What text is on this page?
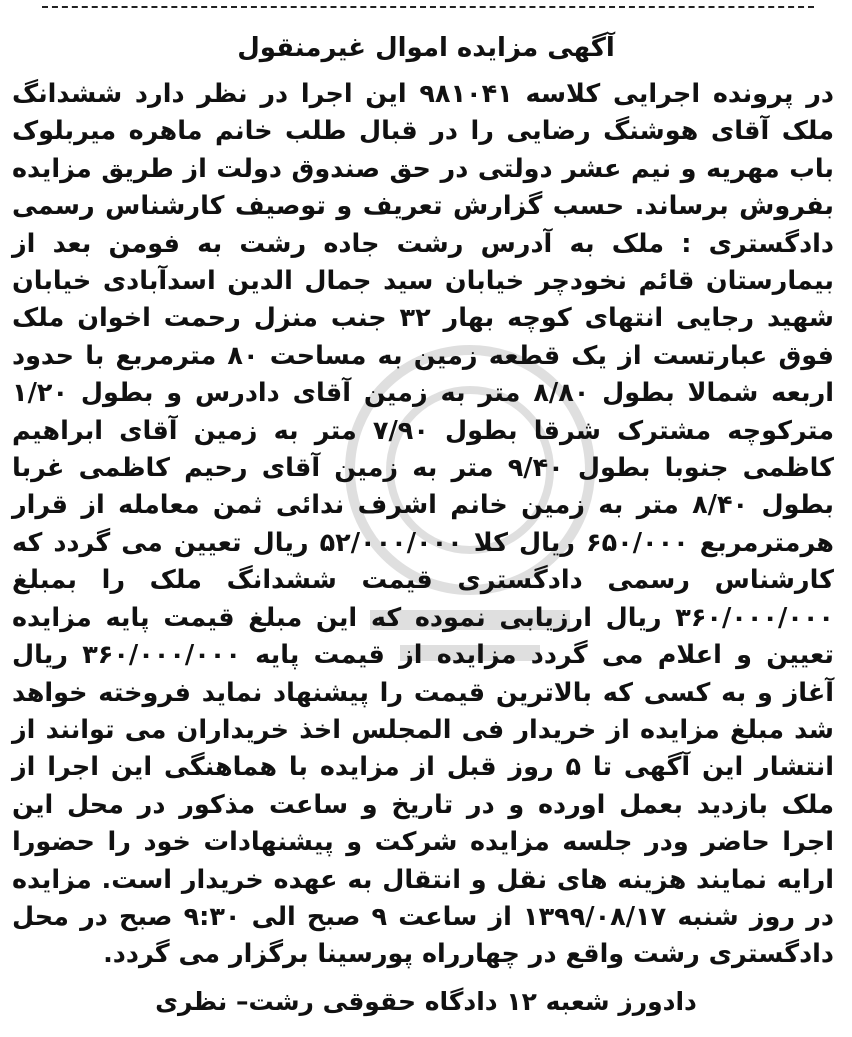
آگهی مزایده اموال غیرمنقول

در پرونده اجرایی کلاسه ۹۸۱۰۴۱ این اجرا در نظر دارد ششدانگ ملک آقای هوشنگ رضایی را در قبال طلب خانم ماهره میربلوک باب مهریه و نیم عشر دولتی در حق صندوق دولت از طریق مزایده بفروش برساند. حسب گزارش تعریف و توصیف کارشناس رسمی دادگستری : ملک به آدرس رشت جاده رشت به فومن بعد از بیمارستان قائم نخودچر خیابان سید جمال الدین اسدآبادی خیابان شهید رجایی انتهای کوچه بهار ۳۲ جنب منزل رحمت اخوان ملک فوق عبارتست از یک قطعه زمین به مساحت ۸۰ مترمربع با حدود اربعه شمالا بطول ۸/۸۰ متر به زمین آقای دادرس و بطول ۱/۲۰ مترکوچه مشترک شرقا بطول ۷/۹۰ متر به زمین آقای ابراهیم کاظمی جنوبا بطول ۹/۴۰ متر به زمین آقای رحیم کاظمی غربا بطول ۸/۴۰ متر به زمین خانم اشرف ندائی ثمن معامله از قرار هرمترمربع ۶۵۰/۰۰۰ ریال کلا ۵۲/۰۰۰/۰۰۰ ریال تعیین می گردد که کارشناس رسمی دادگستری قیمت ششدانگ ملک را بمبلغ ۳۶۰/۰۰۰/۰۰۰ ریال ارزیابی نموده که این مبلغ قیمت پایه مزایده تعیین و اعلام می گردد مزایده از قیمت پایه ۳۶۰/۰۰۰/۰۰۰ ریال آغاز و به کسی که بالاترین قیمت را پیشنهاد نماید فروخته خواهد شد مبلغ مزایده از خریدار فی المجلس اخذ خریداران می توانند از انتشار این آگهی تا ۵ روز قبل از مزایده با هماهنگی این اجرا از ملک بازدید بعمل اورده و در تاریخ و ساعت مذکور در محل این اجرا حاضر ودر جلسه مزایده شرکت و پیشنهادات خود را حضورا ارایه نمایند هزینه های نقل و انتقال به عهده خریدار است. مزایده در روز شنبه ۱۳۹۹/۰۸/۱۷ از ساعت ۹ صبح الی ۹:۳۰ صبح در محل دادگستری رشت واقع در چهارراه پورسینا برگزار می گردد.

دادورز شعبه ۱۲ دادگاه حقوقی رشت– نظری
